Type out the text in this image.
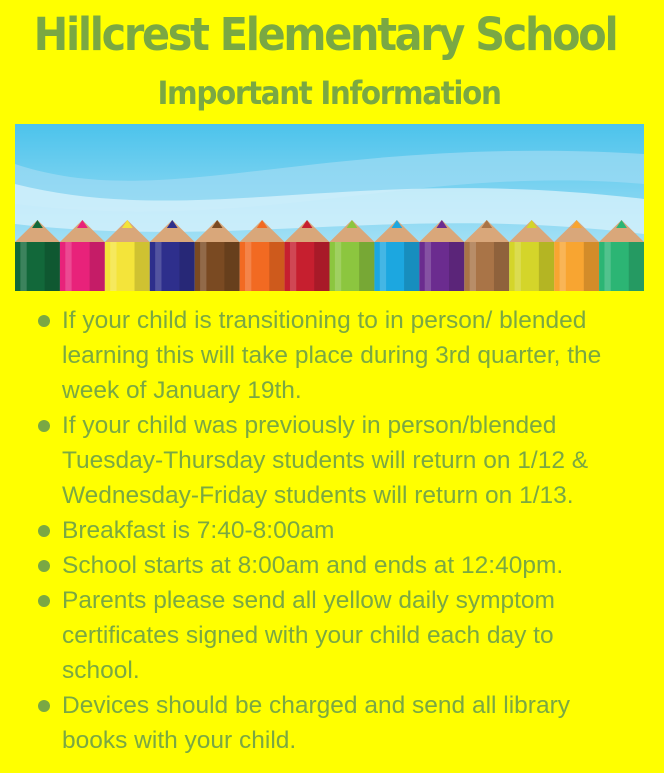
Hillcrest Elementary School
Important Information
If your child is transitioning to in person/ blended learning this will take place during 3rd quarter, the week of January 19th.
If your child was previously in person/blended Tuesday-Thursday students will return on 1/12 & Wednesday-Friday students will return on 1/13.
Breakfast is 7:40-8:00am
School starts at 8:00am and ends at 12:40pm.
Parents please send all yellow daily symptom certificates signed with your child each day to school.
Devices should be charged and send all library books with your child.
